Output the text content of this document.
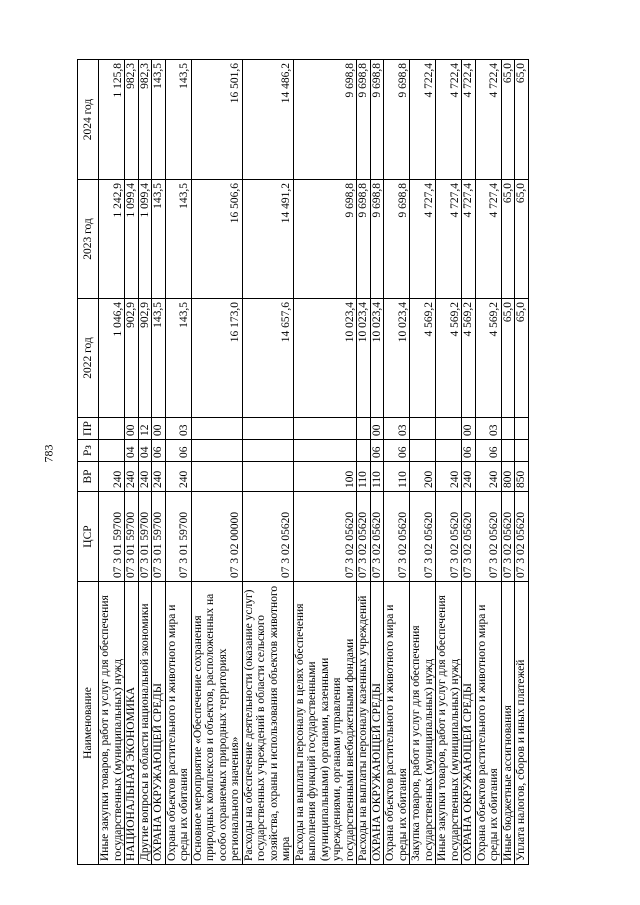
783
Наименование	ЦСР	ВР	Рз	ПР	2022 год	2023 год	2024 год
Иные закупки товаров, работ и услуг для обеспечения государственных (муниципальных) нужд	07 3 01 59700	240			1 046,4	1 242,9	1 125,8
НАЦИОНАЛЬНАЯ ЭКОНОМИКА	07 3 01 59700	240	04	00	902,9	1 099,4	982,3
Другие вопросы в области национальной экономики	07 3 01 59700	240	04	12	902,9	1 099,4	982,3
ОХРАНА ОКРУЖАЮЩЕЙ СРЕДЫ	07 3 01 59700	240	06	00	143,5	143,5	143,5
Охрана объектов растительного и животного мира и среды их обитания	07 3 01 59700	240	06	03	143,5	143,5	143,5
Основное мероприятие «Обеспечение сохранения природных комплексов и объектов, расположенных на особо охраняемых природных территориях регионального значения»	07 3 02 00000				16 173,0	16 506,6	16 501,6
Расходы на обеспечение деятельности (оказание услуг) государственных учреждений в области сельского хозяйства, охраны и использования объектов животного мира	07 3 02 05620				14 657,6	14 491,2	14 486,2
Расходы на выплаты персоналу в целях обеспечения выполнения функций государственными (муниципальными) органами, казенными учреждениями, органами управления государственными внебюджетными фондами	07 3 02 05620	100			10 023,4	9 698,8	9 698,8
Расходы на выплаты персоналу казенных учреждений	07 3 02 05620	110			10 023,4	9 698,8	9 698,8
ОХРАНА ОКРУЖАЮЩЕЙ СРЕДЫ	07 3 02 05620	110	06	00	10 023,4	9 698,8	9 698,8
Охрана объектов растительного и животного мира и среды их обитания	07 3 02 05620	110	06	03	10 023,4	9 698,8	9 698,8
Закупка товаров, работ и услуг для обеспечения государственных (муниципальных) нужд	07 3 02 05620	200			4 569,2	4 727,4	4 722,4
Иные закупки товаров, работ и услуг для обеспечения государственных (муниципальных) нужд	07 3 02 05620	240			4 569,2	4 727,4	4 722,4
ОХРАНА ОКРУЖАЮЩЕЙ СРЕДЫ	07 3 02 05620	240	06	00	4 569,2	4 727,4	4 722,4
Охрана объектов растительного и животного мира и среды их обитания	07 3 02 05620	240	06	03	4 569,2	4 727,4	4 722,4
Иные бюджетные ассигнования	07 3 02 05620	800			65,0	65,0	65,0
Уплата налогов, сборов и иных платежей	07 3 02 05620	850			65,0	65,0	65,0
